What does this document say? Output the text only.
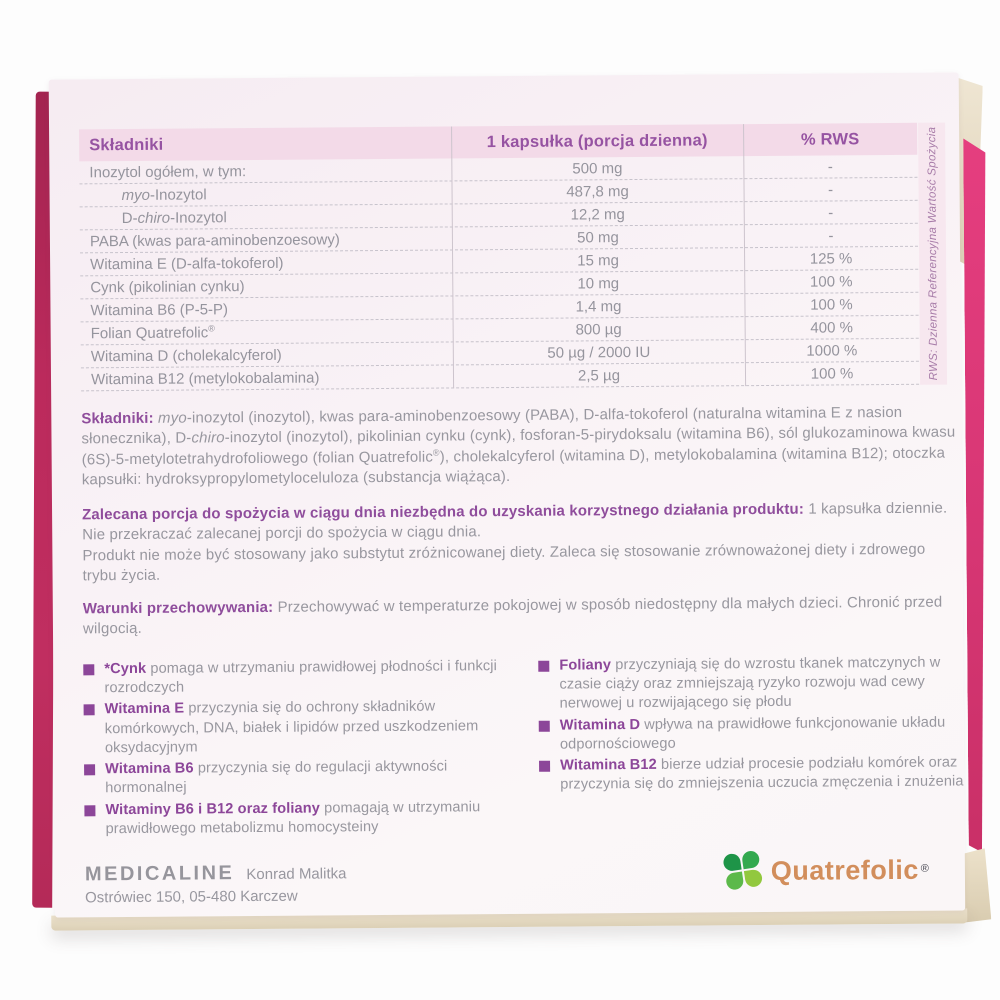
Składniki	1 kapsułka (porcja dzienna)	% RWS
Inozytol ogółem, w tym:	500 mg	-
myo-Inozytol	487,8 mg	-
D-chiro-Inozytol	12,2 mg	-
PABA (kwas para-aminobenzoesowy)	50 mg	-
Witamina E (D-alfa-tokoferol)	15 mg	125 %
Cynk (pikolinian cynku)	10 mg	100 %
Witamina B6 (P-5-P)	1,4 mg	100 %
Folian Quatrefolic®	800 µg	400 %
Witamina D (cholekalcyferol)	50 µg / 2000 IU	1000 %
Witamina B12 (metylokobalamina)	2,5 µg	100 %	RWS: Dzienna Referencyjna Wartość Spożycia
Składniki: myo-inozytol (inozytol), kwas para-aminobenzoesowy (PABA), D-alfa-tokoferol (naturalna witamina E z nasion słonecznika), D-chiro-inozytol (inozytol), pikolinian cynku (cynk), fosforan-5-pirydoksalu (witamina B6), sól glukozaminowa kwasu (6S)-5-metylotetrahydrofoliowego (folian Quatrefolic®), cholekalcyferol (witamina D), metylokobalamina (witamina B12); otoczka kapsułki: hydroksypropylometyloceluloza (substancja wiążąca).
Zalecana porcja do spożycia w ciągu dnia niezbędna do uzyskania korzystnego działania produktu: 1 kapsułka dziennie.
Nie przekraczać zalecanej porcji do spożycia w ciągu dnia.
Produkt nie może być stosowany jako substytut zróżnicowanej diety. Zaleca się stosowanie zrównoważonej diety i zdrowego trybu życia.
Warunki przechowywania: Przechowywać w temperaturze pokojowej w sposób niedostępny dla małych dzieci. Chronić przed wilgocią.
*Cynk pomaga w utrzymaniu prawidłowej płodności i funkcji rozrodczych
Witamina E przyczynia się do ochrony składników komórkowych, DNA, białek i lipidów przed uszkodzeniem oksydacyjnym
Witamina B6 przyczynia się do regulacji aktywności hormonalnej
Witaminy B6 i B12 oraz foliany pomagają w utrzymaniu prawidłowego metabolizmu homocysteiny
Foliany przyczyniają się do wzrostu tkanek matczynych w czasie ciąży oraz zmniejszają ryzyko rozwoju wad cewy nerwowej u rozwijającego się płodu
Witamina D wpływa na prawidłowe funkcjonowanie układu odpornościowego
Witamina B12 bierze udział procesie podziału komórek oraz przyczynia się do zmniejszenia uczucia zmęczenia i znużenia
MEDICALINE Konrad Malitka
Ostrówiec 150, 05-480 Karczew
Quatrefolic ®
